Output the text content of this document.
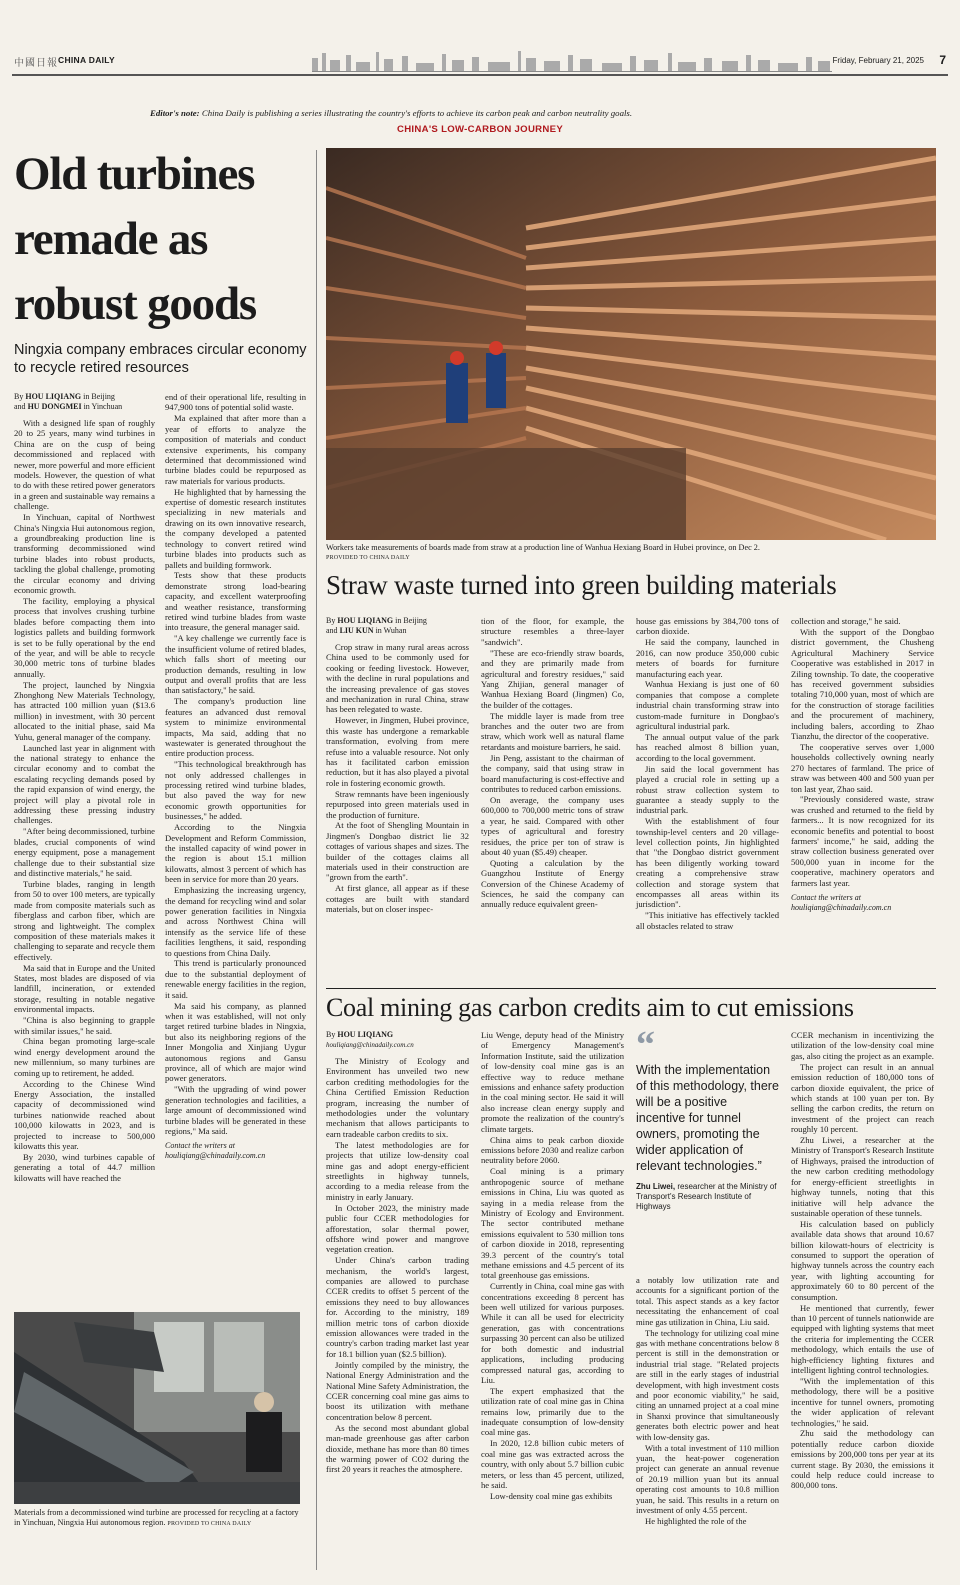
中國日報 CHINA DAILY	Friday, February 21, 2025 7
Editor's note: China Daily is publishing a series illustrating the country's efforts to achieve its carbon peak and carbon neutrality goals.
CHINA'S LOW-CARBON JOURNEY
Old turbines remade as robust goods
Ningxia company embraces circular economy to recycle retired resources
By HOU LIQIANG in Beijing
and HU DONGMEI in Yinchuan

With a designed life span of roughly 20 to 25 years, many wind turbines in China are on the cusp of being decommissioned and replaced with newer, more powerful and more efficient models. However, the question of what to do with these retired power generators in a green and sustainable way remains a challenge.

In Yinchuan, capital of Northwest China's Ningxia Hui autonomous region, a groundbreaking production line is transforming decommissioned wind turbine blades into robust products, tackling the global challenge, promoting the circular economy and driving economic growth.

The facility, employing a physical process that involves crushing turbine blades before compacting them into logistics pallets and building formwork is set to be fully operational by the end of the year, and will be able to recycle 30,000 metric tons of turbine blades annually.

The project, launched by Ningxia Zhonghong New Materials Technology, has attracted 100 million yuan ($13.6 million) in investment, with 30 percent allocated to the initial phase, said Ma Yuhu, general manager of the company.

Launched last year in alignment with the national strategy to enhance the circular economy and to combat the escalating recycling demands posed by the rapid expansion of wind energy, the project will play a pivotal role in addressing these pressing industry challenges.

"After being decommissioned, turbine blades, crucial components of wind energy equipment, pose a management challenge due to their substantial size and distinctive materials," he said.

Turbine blades, ranging in length from 50 to over 100 meters, are typically made from composite materials such as fiberglass and carbon fiber, which are strong and lightweight. The complex composition of these materials makes it challenging to separate and recycle them effectively.

Ma said that in Europe and the United States, most blades are disposed of via landfill, incineration, or extended storage, resulting in notable negative environmental impacts.

"China is also beginning to grapple with similar issues," he said.

China began promoting large-scale wind energy development around the new millennium, so many turbines are coming up to retirement, he added.

According to the Chinese Wind Energy Association, the installed capacity of decommissioned wind turbines nationwide reached about 100,000 kilowatts in 2023, and is projected to increase to 500,000 kilowatts this year.

By 2030, wind turbines capable of generating a total of 44.7 million kilowatts will have reached the

end of their operational life, resulting in 947,900 tons of potential solid waste.

Ma explained that after more than a year of efforts to analyze the composition of materials and conduct extensive experiments, his company determined that decommissioned wind turbine blades could be repurposed as raw materials for various products.

He highlighted that by harnessing the expertise of domestic research institutes specializing in new materials and drawing on its own innovative research, the company developed a patented technology to convert retired wind turbine blades into products such as pallets and building formwork.

Tests show that these products demonstrate strong load-bearing capacity, and excellent waterproofing and weather resistance, transforming retired wind turbine blades from waste into treasure, the general manager said.

"A key challenge we currently face is the insufficient volume of retired blades, which falls short of meeting our production demands, resulting in low output and overall profits that are less than satisfactory," he said.

The company's production line features an advanced dust removal system to minimize environmental impacts, Ma said, adding that no wastewater is generated throughout the entire production process.

"This technological breakthrough has not only addressed challenges in processing retired wind turbine blades, but also paved the way for new economic growth opportunities for businesses," he added.

According to the Ningxia Development and Reform Commission, the installed capacity of wind power in the region is about 15.1 million kilowatts, almost 3 percent of which has been in service for more than 20 years.

Emphasizing the increasing urgency, the demand for recycling wind and solar power generation facilities in Ningxia and across Northwest China will intensify as the service life of these facilities lengthens, it said, responding to questions from China Daily.

This trend is particularly pronounced due to the substantial deployment of renewable energy facilities in the region, it said.

Ma said his company, as planned when it was established, will not only target retired turbine blades in Ningxia, but also its neighboring regions of the Inner Mongolia and Xinjiang Uygur autonomous regions and Gansu province, all of which are major wind power generators.

"With the upgrading of wind power generation technologies and facilities, a large amount of decommissioned wind turbine blades will be generated in these regions," Ma said.

Contact the writers at
houliqiang@chinadaily.com.cn
Materials from a decommissioned wind turbine are processed for recycling at a factory in Yinchuan, Ningxia Hui autonomous region. PROVIDED TO CHINA DAILY
Workers take measurements of boards made from straw at a production line of Wanhua Hexiang Board in Hubei province, on Dec 2.
PROVIDED TO CHINA DAILY
Straw waste turned into green building materials
By HOU LIQIANG in Beijing
and LIU KUN in Wuhan

Crop straw in many rural areas across China used to be commonly used for cooking or feeding livestock. However, with the decline in rural populations and the increasing prevalence of gas stoves and mechanization in rural China, straw has been relegated to waste.

However, in Jingmen, Hubei province, this waste has undergone a remarkable transformation, evolving from mere refuse into a valuable resource. Not only has it facilitated carbon emission reduction, but it has also played a pivotal role in fostering economic growth.

Straw remnants have been ingeniously repurposed into green materials used in the production of furniture.

At the foot of Shengling Mountain in Jingmen's Dongbao district lie 32 cottages of various shapes and sizes. The builder of the cottages claims all materials used in their construction are "grown from the earth".

At first glance, all appear as if these cottages are built with standard materials, but on closer inspec-

tion of the floor, for example, the structure resembles a three-layer "sandwich".

"These are eco-friendly straw boards, and they are primarily made from agricultural and forestry residues," said Yang Zhijian, general manager of Wanhua Hexiang Board (Jingmen) Co, the builder of the cottages.

The middle layer is made from tree branches and the outer two are from straw, which work well as natural flame retardants and moisture barriers, he said.

Jin Peng, assistant to the chairman of the company, said that using straw in board manufacturing is cost-effective and contributes to reduced carbon emissions.

On average, the company uses 600,000 to 700,000 metric tons of straw a year, he said. Compared with other types of agricultural and forestry residues, the price per ton of straw is about 40 yuan ($5.49) cheaper.

Quoting a calculation by the Guangzhou Institute of Energy Conversion of the Chinese Academy of Sciences, he said the company can annually reduce equivalent green-

house gas emissions by 384,700 tons of carbon dioxide.

He said the company, launched in 2016, can now produce 350,000 cubic meters of boards for furniture manufacturing each year.

Wanhua Hexiang is just one of 60 companies that compose a complete industrial chain transforming straw into custom-made furniture in Dongbao's agricultural industrial park.

The annual output value of the park has reached almost 8 billion yuan, according to the local government.

Jin said the local government has played a crucial role in setting up a robust straw collection system to guarantee a steady supply to the industrial park.

With the establishment of four township-level centers and 20 village-level collection points, Jin highlighted that "the Dongbao district government has been diligently working toward creating a comprehensive straw collection and storage system that encompasses all areas within its jurisdiction".

"This initiative has effectively tackled all obstacles related to straw

collection and storage," he said.

With the support of the Dongbao district government, the Chusheng Agricultural Machinery Service Cooperative was established in 2017 in Ziling township. To date, the cooperative has received government subsidies totaling 710,000 yuan, most of which are for the construction of storage facilities and the procurement of machinery, including balers, according to Zhao Tianzhu, the director of the cooperative.

The cooperative serves over 1,000 households collectively owning nearly 270 hectares of farmland. The price of straw was between 400 and 500 yuan per ton last year, Zhao said.

"Previously considered waste, straw was crushed and returned to the field by farmers... It is now recognized for its economic benefits and potential to boost farmers' income," he said, adding the straw collection business generated over 500,000 yuan in income for the cooperative, machinery operators and farmers last year.

Contact the writers at
houliqiang@chinadaily.com.cn
Coal mining gas carbon credits aim to cut emissions
By HOU LIQIANG
houliqiang@chinadaily.com.cn

The Ministry of Ecology and Environment has unveiled two new carbon crediting methodologies for the China Certified Emission Reduction program, increasing the number of methodologies under the voluntary mechanism that allows participants to earn tradeable carbon credits to six.

The latest methodologies are for projects that utilize low-density coal mine gas and adopt energy-efficient streetlights in highway tunnels, according to a media release from the ministry in early January.

In October 2023, the ministry made public four CCER methodologies for afforestation, solar thermal power, offshore wind power and mangrove vegetation creation.

Under China's carbon trading mechanism, the world's largest, companies are allowed to purchase CCER credits to offset 5 percent of the emissions they need to buy allowances for. According to the ministry, 189 million metric tons of carbon dioxide emission allowances were traded in the country's carbon trading market last year for 18.1 billion yuan ($2.5 billion).

Jointly compiled by the ministry, the National Energy Administration and the National Mine Safety Administration, the CCER concerning coal mine gas aims to boost its utilization with methane concentration below 8 percent.

As the second most abundant global man-made greenhouse gas after carbon dioxide, methane has more than 80 times the warming power of CO2 during the first 20 years it reaches the atmosphere.

Liu Wenge, deputy head of the Ministry of Emergency Management's Information Institute, said the utilization of low-density coal mine gas is an effective way to reduce methane emissions and enhance safety production in the coal mining sector. He said it will also increase clean energy supply and promote the realization of the country's climate targets.

China aims to peak carbon dioxide emissions before 2030 and realize carbon neutrality before 2060.

Coal mining is a primary anthropogenic source of methane emissions in China, Liu was quoted as saying in a media release from the Ministry of Ecology and Environment. The sector contributed methane emissions equivalent to 530 million tons of carbon dioxide in 2018, representing 39.3 percent of the country's total methane emissions and 4.5 percent of its total greenhouse gas emissions.

Currently in China, coal mine gas with concentrations exceeding 8 percent has been well utilized for various purposes. While it can all be used for electricity generation, gas with concentrations surpassing 30 percent can also be utilized for both domestic and industrial applications, including producing compressed natural gas, according to Liu.

The expert emphasized that the utilization rate of coal mine gas in China remains low, primarily due to the inadequate consumption of low-density coal mine gas.

In 2020, 12.8 billion cubic meters of coal mine gas was extracted across the country, with only about 5.7 billion cubic meters, or less than 45 percent, utilized, he said.

Low-density coal mine gas exhibits

“
With the implementation of this methodology, there will be a positive incentive for tunnel owners, promoting the wider application of relevant technologies.”
Zhu Liwei, researcher at the Ministry of Transport's Research Institute of Highways

a notably low utilization rate and accounts for a significant portion of the total. This aspect stands as a key factor necessitating the enhancement of coal mine gas utilization in China, Liu said.

The technology for utilizing coal mine gas with methane concentrations below 8 percent is still in the demonstration or industrial trial stage. "Related projects are still in the early stages of industrial development, with high investment costs and poor economic viability," he said, citing an unnamed project at a coal mine in Shanxi province that simultaneously generates both electric power and heat with low-density gas.

With a total investment of 110 million yuan, the heat-power cogeneration project can generate an annual revenue of 20.19 million yuan but its annual operating cost amounts to 10.8 million yuan, he said. This results in a return on investment of only 4.55 percent.

He highlighted the role of the

CCER mechanism in incentivizing the utilization of the low-density coal mine gas, also citing the project as an example.

The project can result in an annual emission reduction of 180,000 tons of carbon dioxide equivalent, the price of which stands at 100 yuan per ton. By selling the carbon credits, the return on investment of the project can reach roughly 10 percent.

Zhu Liwei, a researcher at the Ministry of Transport's Research Institute of Highways, praised the introduction of the new carbon crediting methodology for energy-efficient streetlights in highway tunnels, noting that this initiative will help advance the sustainable operation of these tunnels.

His calculation based on publicly available data shows that around 10.67 billion kilowatt-hours of electricity is consumed to support the operation of highway tunnels across the country each year, with lighting accounting for approximately 60 to 80 percent of the consumption.

He mentioned that currently, fewer than 10 percent of tunnels nationwide are equipped with lighting systems that meet the criteria for implementing the CCER methodology, which entails the use of high-efficiency lighting fixtures and intelligent lighting control technologies.

"With the implementation of this methodology, there will be a positive incentive for tunnel owners, promoting the wider application of relevant technologies," he said.

Zhu said the methodology can potentially reduce carbon dioxide emissions by 200,000 tons per year at its current stage. By 2030, the emissions it could help reduce could increase to 800,000 tons.
